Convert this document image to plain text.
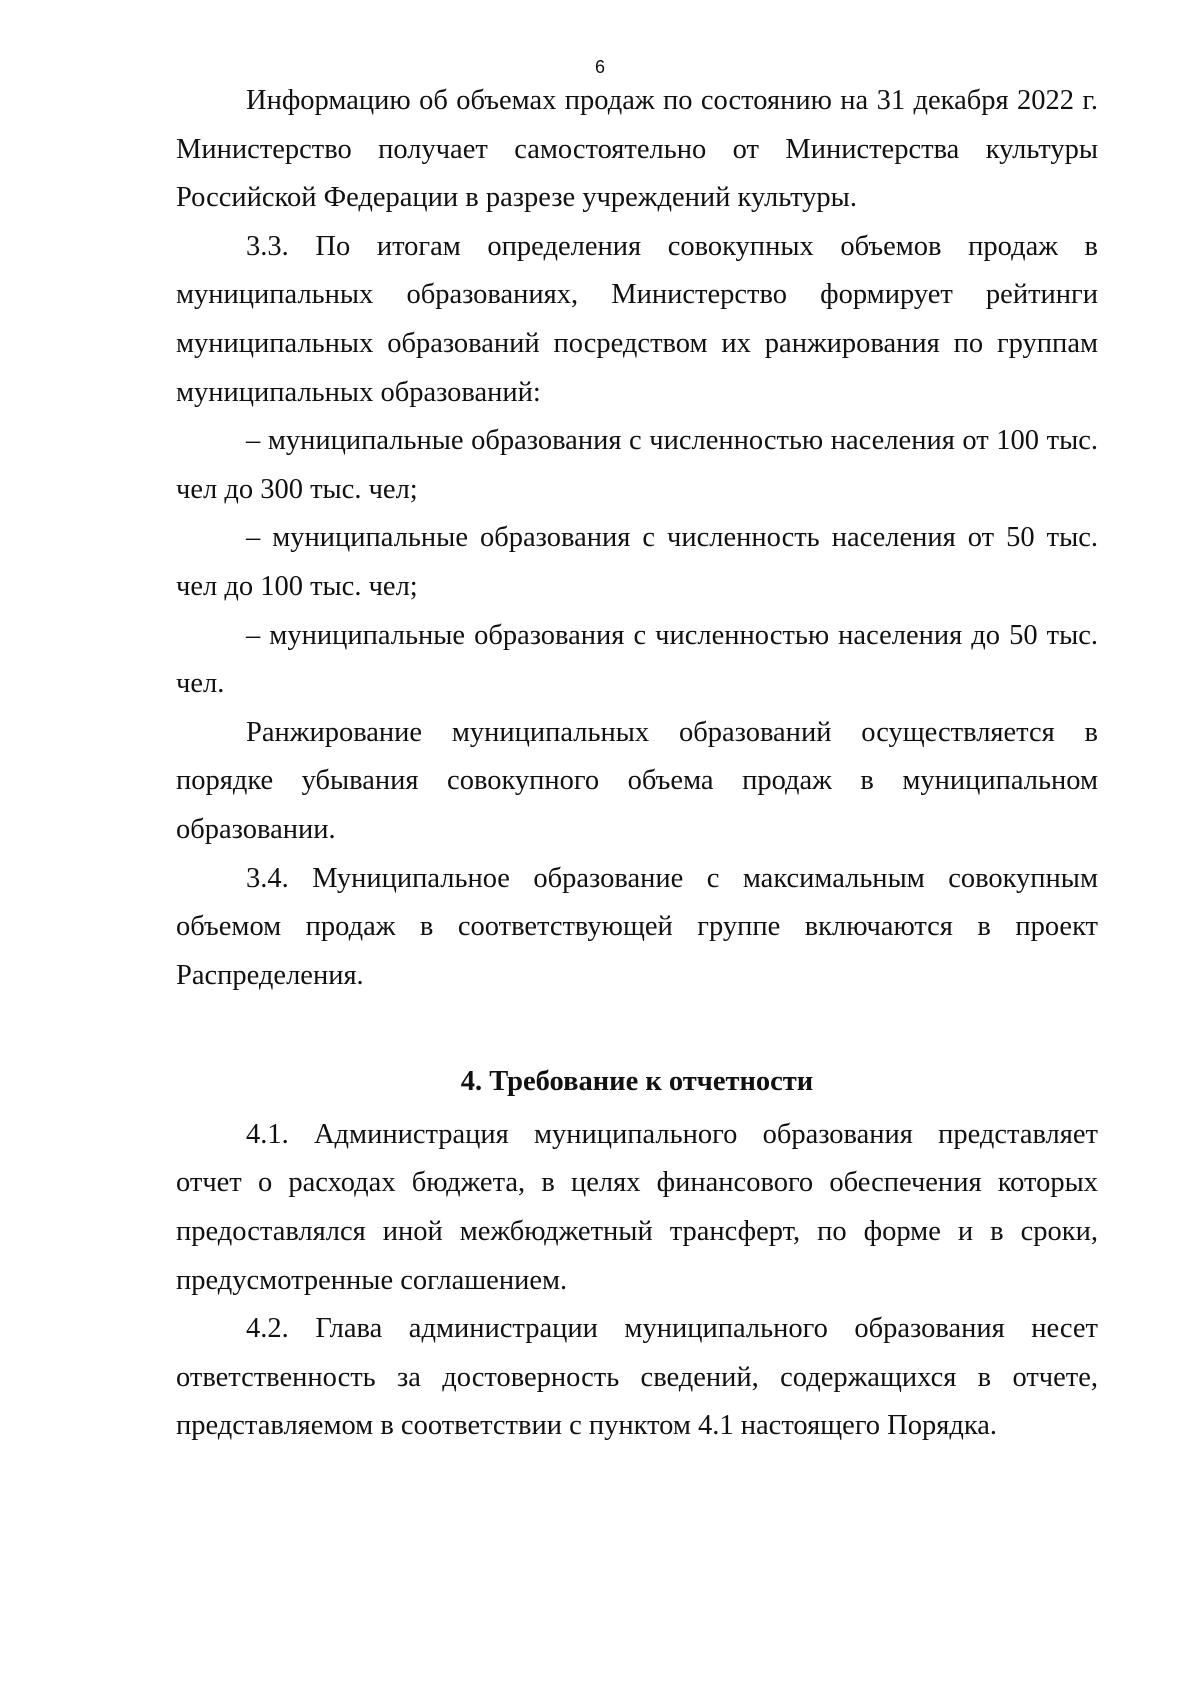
6

Информацию об объемах продаж по состоянию на 31 декабря 2022 г. Министерство получает самостоятельно от Министерства культуры Российской Федерации в разрезе учреждений культуры.

3.3. По итогам определения совокупных объемов продаж в муниципальных образованиях, Министерство формирует рейтинги муниципальных образований посредством их ранжирования по группам муниципальных образований:

– муниципальные образования с численностью населения от 100 тыс. чел до 300 тыс. чел;

– муниципальные образования с численность населения от 50 тыс. чел до 100 тыс. чел;

– муниципальные образования с численностью населения до 50 тыс. чел.

Ранжирование муниципальных образований осуществляется в порядке убывания совокупного объема продаж в муниципальном образовании.

3.4. Муниципальное образование с максимальным совокупным объемом продаж в соответствующей группе включаются в проект Распределения.

4. Требование к отчетности

4.1. Администрация муниципального образования представляет отчет о расходах бюджета, в целях финансового обеспечения которых предоставлялся иной межбюджетный трансферт, по форме и в сроки, предусмотренные соглашением.

4.2. Глава администрации муниципального образования несет ответственность за достоверность сведений, содержащихся в отчете, представляемом в соответствии с пунктом 4.1 настоящего Порядка.
